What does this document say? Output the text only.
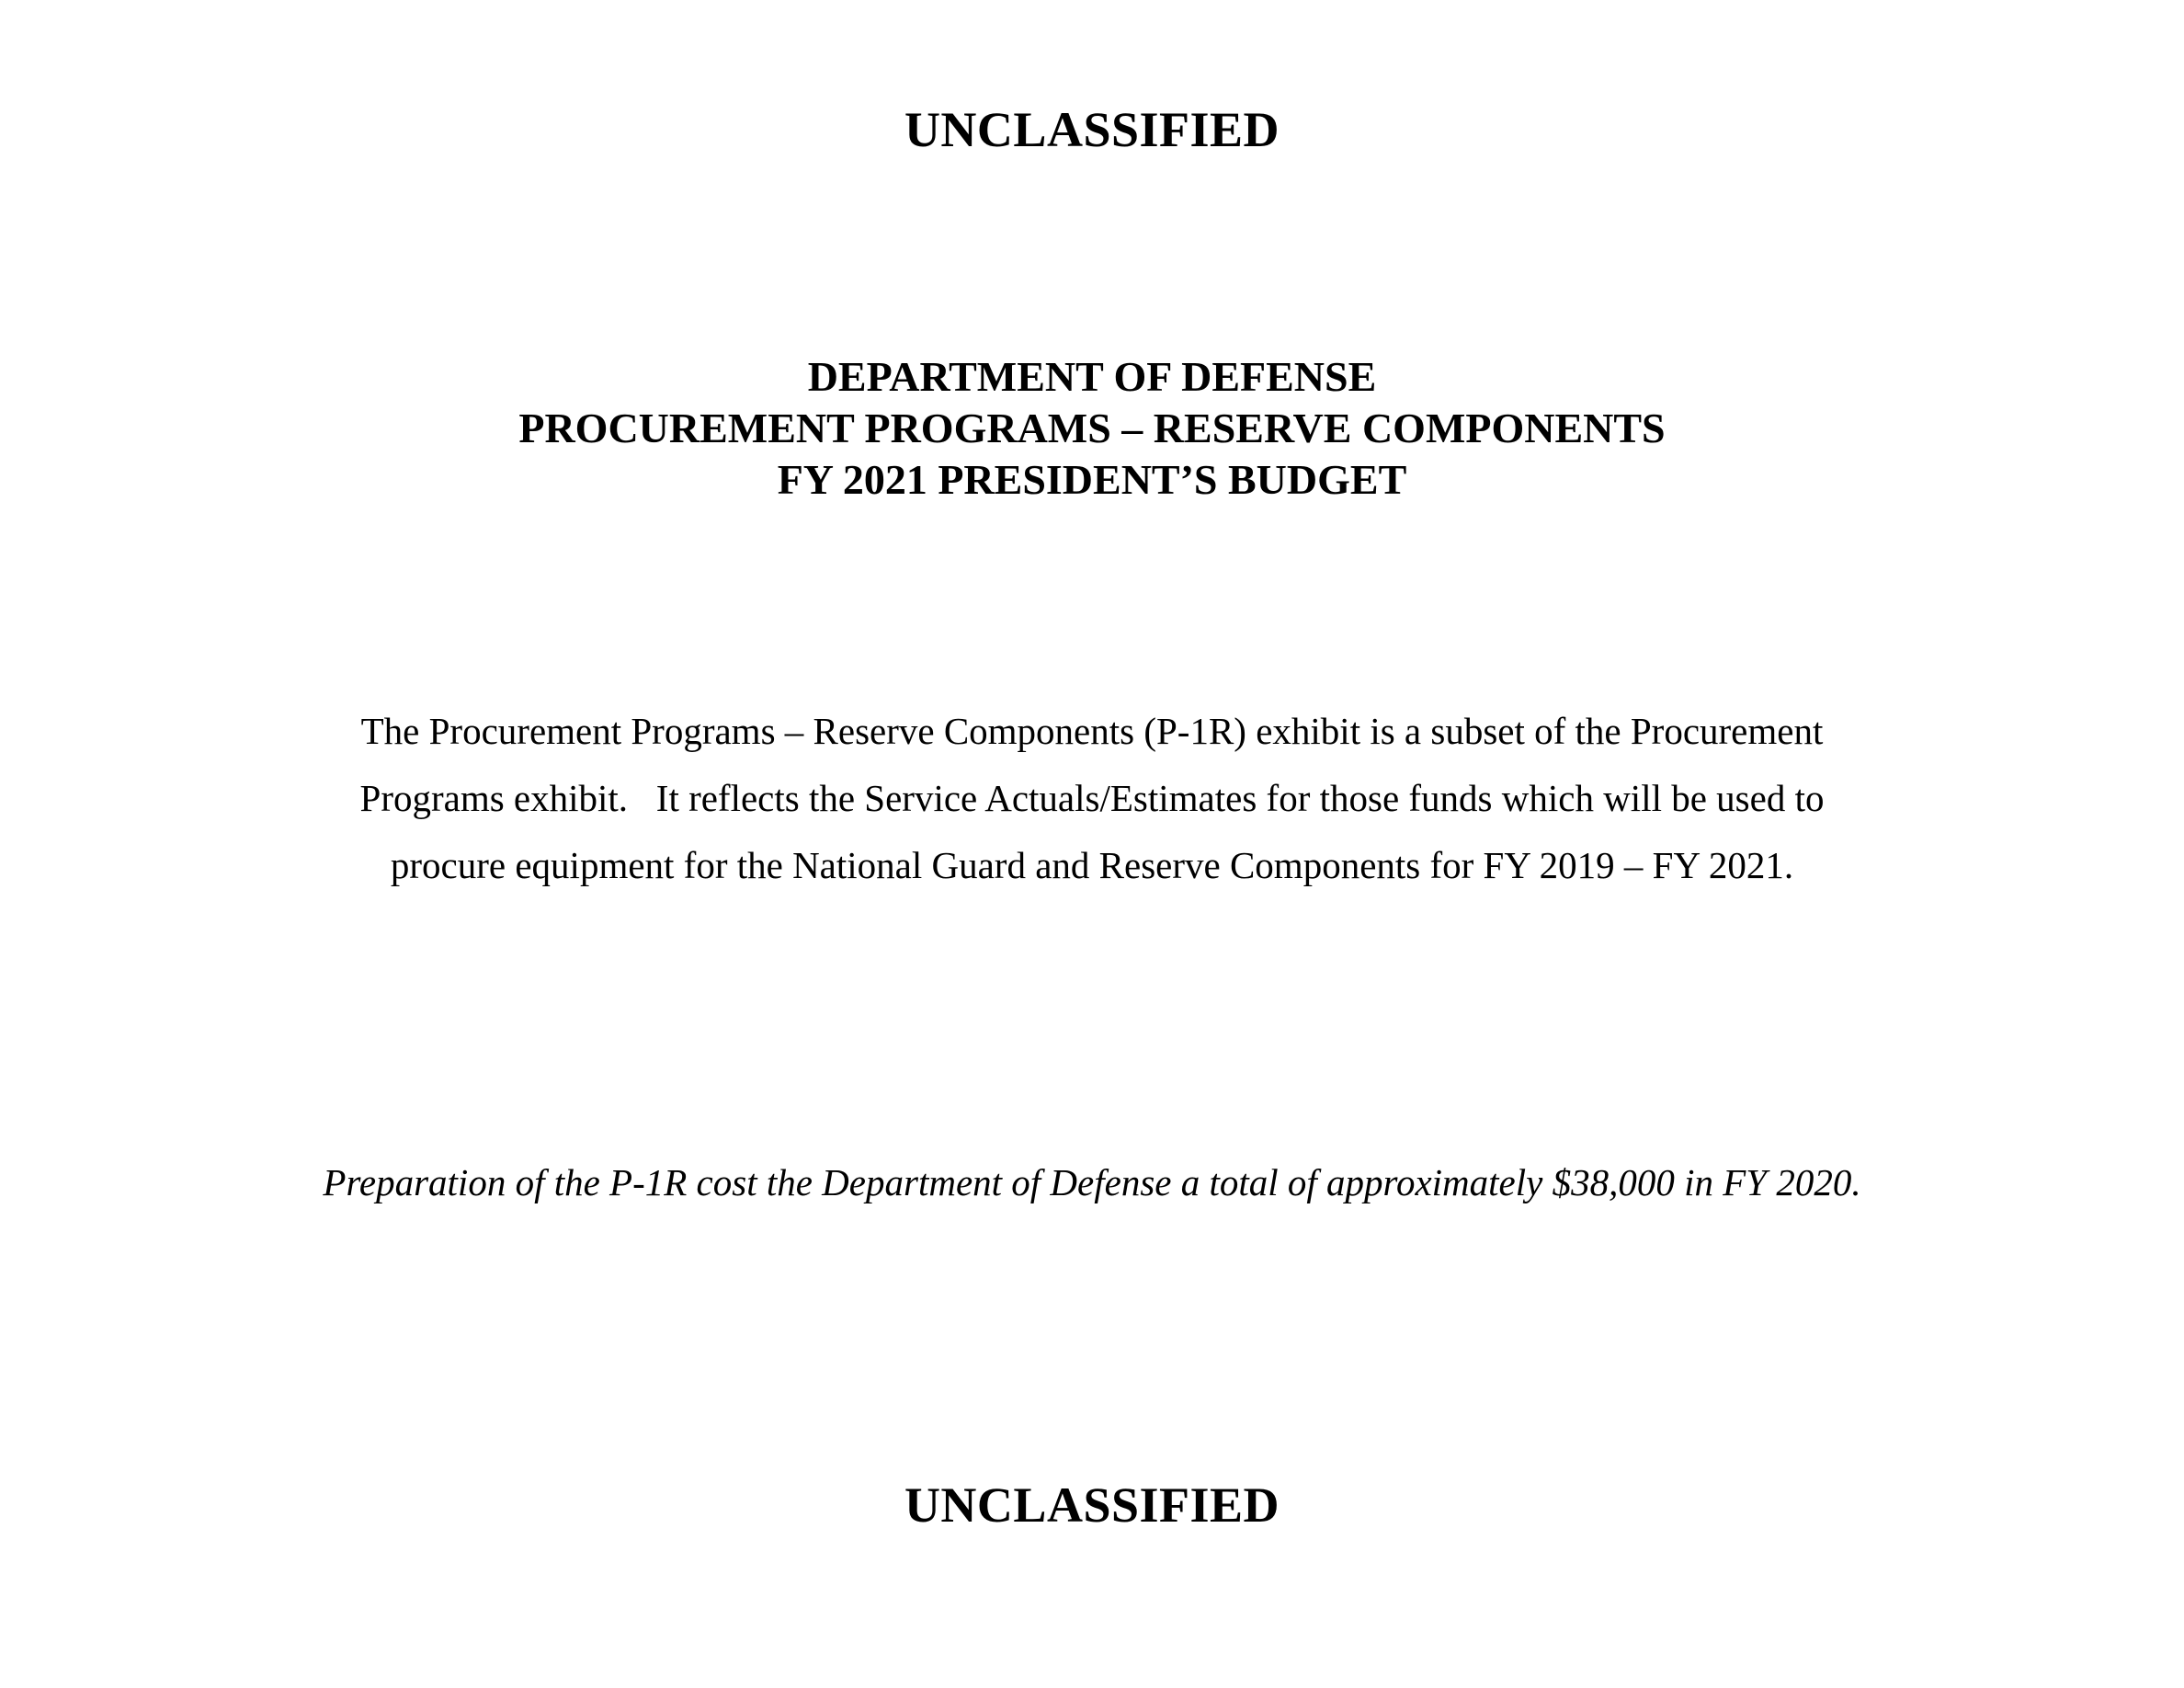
UNCLASSIFIED
DEPARTMENT OF DEFENSE
PROCUREMENT PROGRAMS – RESERVE COMPONENTS
FY 2021 PRESIDENT’S BUDGET
The Procurement Programs – Reserve Components (P-1R) exhibit is a subset of the Procurement
Programs exhibit.   It reflects the Service Actuals/Estimates for those funds which will be used to
procure equipment for the National Guard and Reserve Components for FY 2019 – FY 2021.
Preparation of the P-1R cost the Department of Defense a total of approximately $38,000 in FY 2020.
UNCLASSIFIED
